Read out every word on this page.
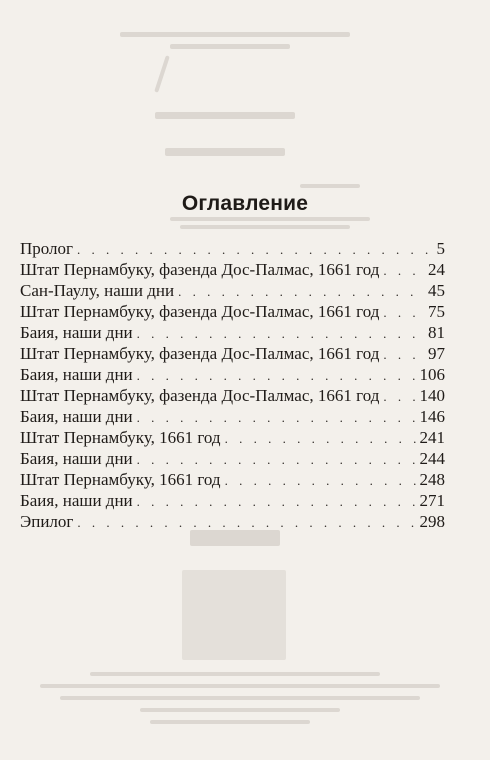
Оглавление
Пролог . . .	5
Штат Пернамбуку, фазенда Дос-Палмас, 1661 год . . .	24
Сан-Паулу, наши дни . . .	45
Штат Пернамбуку, фазенда Дос-Палмас, 1661 год . . .	75
Баия, наши дни . . .	81
Штат Пернамбуку, фазенда Дос-Палмас, 1661 год . . .	97
Баия, наши дни . . .	106
Штат Пернамбуку, фазенда Дос-Палмас, 1661 год . . . 140
Баия, наши дни . . .	146
Штат Пернамбуку, 1661 год . . .	241
Баия, наши дни . . .	244
Штат Пернамбуку, 1661 год . . .	248
Баия, наши дни . . .	271
Эпилог . . .	298
